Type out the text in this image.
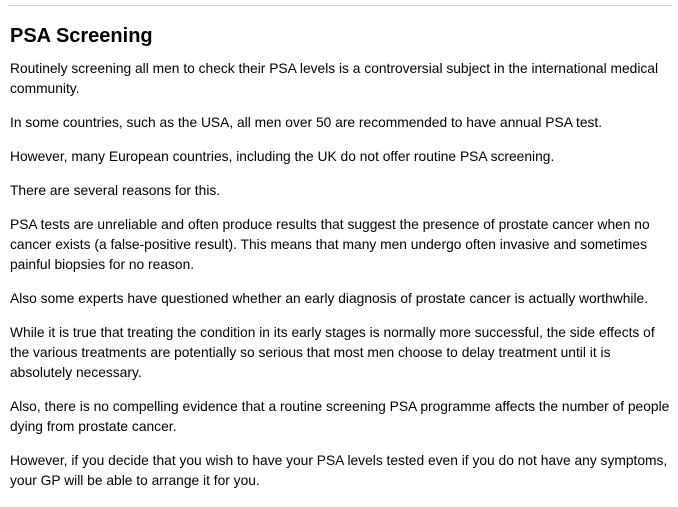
PSA Screening

Routinely screening all men to check their PSA levels is a controversial subject in the international medical community.

In some countries, such as the USA, all men over 50 are recommended to have annual PSA test.

However, many European countries, including the UK do not offer routine PSA screening.

There are several reasons for this.

PSA tests are unreliable and often produce results that suggest the presence of prostate cancer when no cancer exists (a false-positive result). This means that many men undergo often invasive and sometimes painful biopsies for no reason.

Also some experts have questioned whether an early diagnosis of prostate cancer is actually worthwhile.

While it is true that treating the condition in its early stages is normally more successful, the side effects of the various treatments are potentially so serious that most men choose to delay treatment until it is absolutely necessary.

Also, there is no compelling evidence that a routine screening PSA programme affects the number of people dying from prostate cancer.

However, if you decide that you wish to have your PSA levels tested even if you do not have any symptoms, your GP will be able to arrange it for you.
